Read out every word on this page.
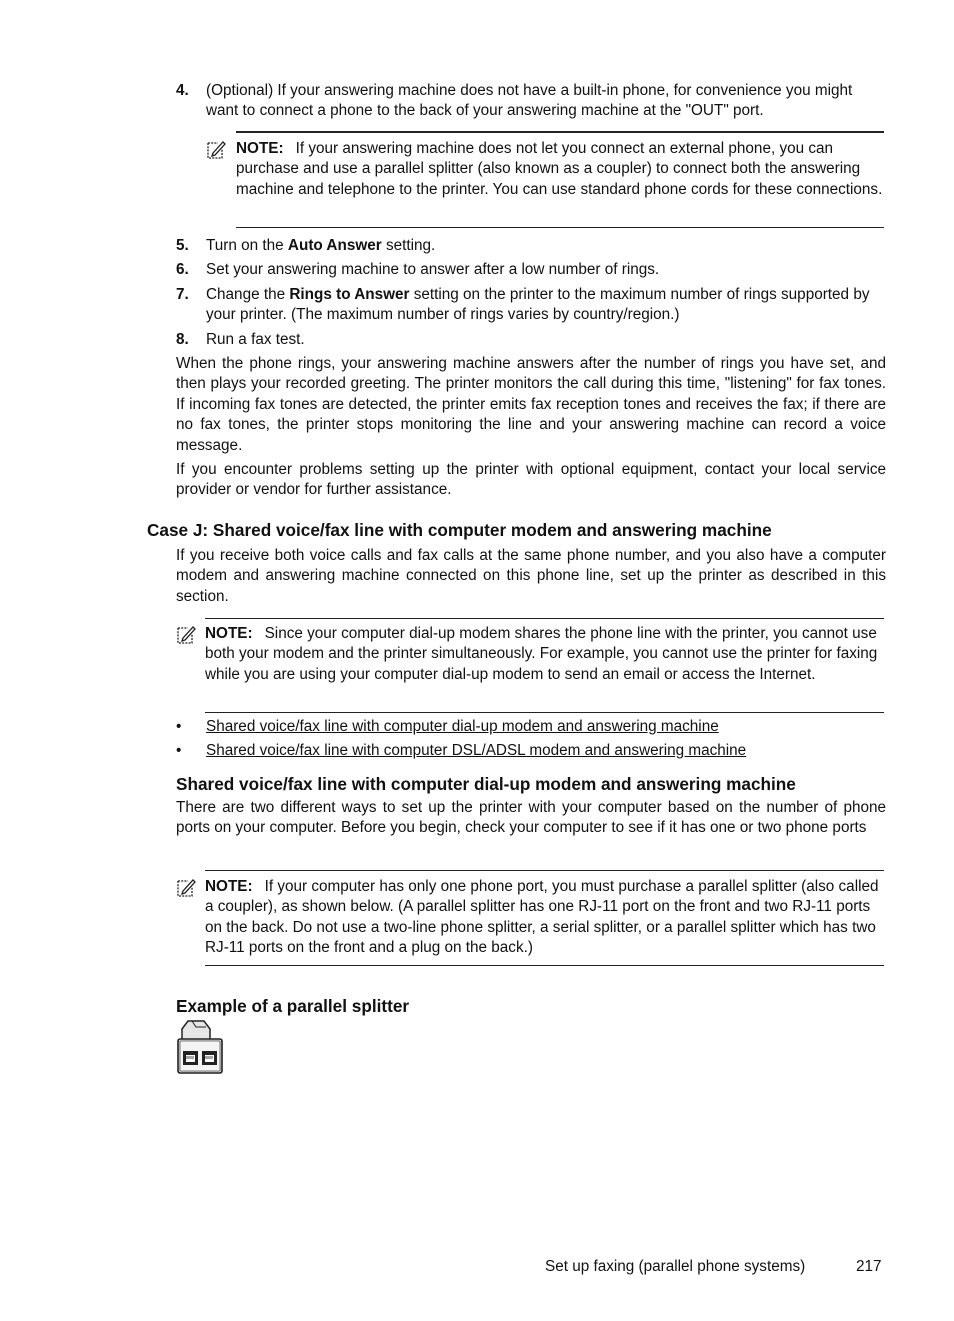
4. (Optional) If your answering machine does not have a built-in phone, for convenience you might want to connect a phone to the back of your answering machine at the "OUT" port.
NOTE: If your answering machine does not let you connect an external phone, you can purchase and use a parallel splitter (also known as a coupler) to connect both the answering machine and telephone to the printer. You can use standard phone cords for these connections.
5. Turn on the Auto Answer setting.
6. Set your answering machine to answer after a low number of rings.
7. Change the Rings to Answer setting on the printer to the maximum number of rings supported by your printer. (The maximum number of rings varies by country/region.)
8. Run a fax test.
When the phone rings, your answering machine answers after the number of rings you have set, and then plays your recorded greeting. The printer monitors the call during this time, "listening" for fax tones. If incoming fax tones are detected, the printer emits fax reception tones and receives the fax; if there are no fax tones, the printer stops monitoring the line and your answering machine can record a voice message.
If you encounter problems setting up the printer with optional equipment, contact your local service provider or vendor for further assistance.
Case J: Shared voice/fax line with computer modem and answering machine
If you receive both voice calls and fax calls at the same phone number, and you also have a computer modem and answering machine connected on this phone line, set up the printer as described in this section.
NOTE: Since your computer dial-up modem shares the phone line with the printer, you cannot use both your modem and the printer simultaneously. For example, you cannot use the printer for faxing while you are using your computer dial-up modem to send an email or access the Internet.
• Shared voice/fax line with computer dial-up modem and answering machine
• Shared voice/fax line with computer DSL/ADSL modem and answering machine
Shared voice/fax line with computer dial-up modem and answering machine
There are two different ways to set up the printer with your computer based on the number of phone ports on your computer. Before you begin, check your computer to see if it has one or two phone ports
NOTE: If your computer has only one phone port, you must purchase a parallel splitter (also called a coupler), as shown below. (A parallel splitter has one RJ-11 port on the front and two RJ-11 ports on the back. Do not use a two-line phone splitter, a serial splitter, or a parallel splitter which has two RJ-11 ports on the front and a plug on the back.)
Example of a parallel splitter
Set up faxing (parallel phone systems)	217
